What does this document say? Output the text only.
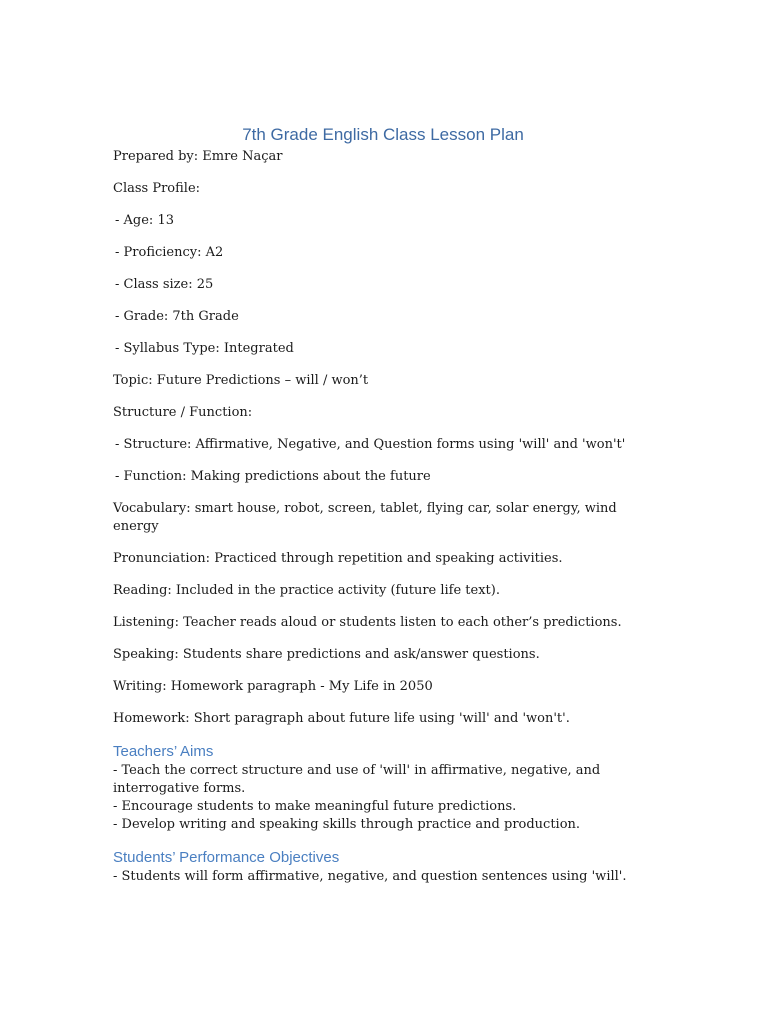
7th Grade English Class Lesson Plan

Prepared by: Emre Naçar

Class Profile:

- Age: 13

- Proficiency: A2

- Class size: 25

- Grade: 7th Grade

- Syllabus Type: Integrated

Topic: Future Predictions – will / won’t

Structure / Function:

- Structure: Affirmative, Negative, and Question forms using 'will' and 'won't'

- Function: Making predictions about the future

Vocabulary: smart house, robot, screen, tablet, flying car, solar energy, wind energy

Pronunciation: Practiced through repetition and speaking activities.

Reading: Included in the practice activity (future life text).

Listening: Teacher reads aloud or students listen to each other’s predictions.

Speaking: Students share predictions and ask/answer questions.

Writing: Homework paragraph - My Life in 2050

Homework: Short paragraph about future life using 'will' and 'won't'.

Teachers’ Aims

- Teach the correct structure and use of 'will' in affirmative, negative, and interrogative forms.

- Encourage students to make meaningful future predictions.

- Develop writing and speaking skills through practice and production.

Students’ Performance Objectives

- Students will form affirmative, negative, and question sentences using 'will'.
